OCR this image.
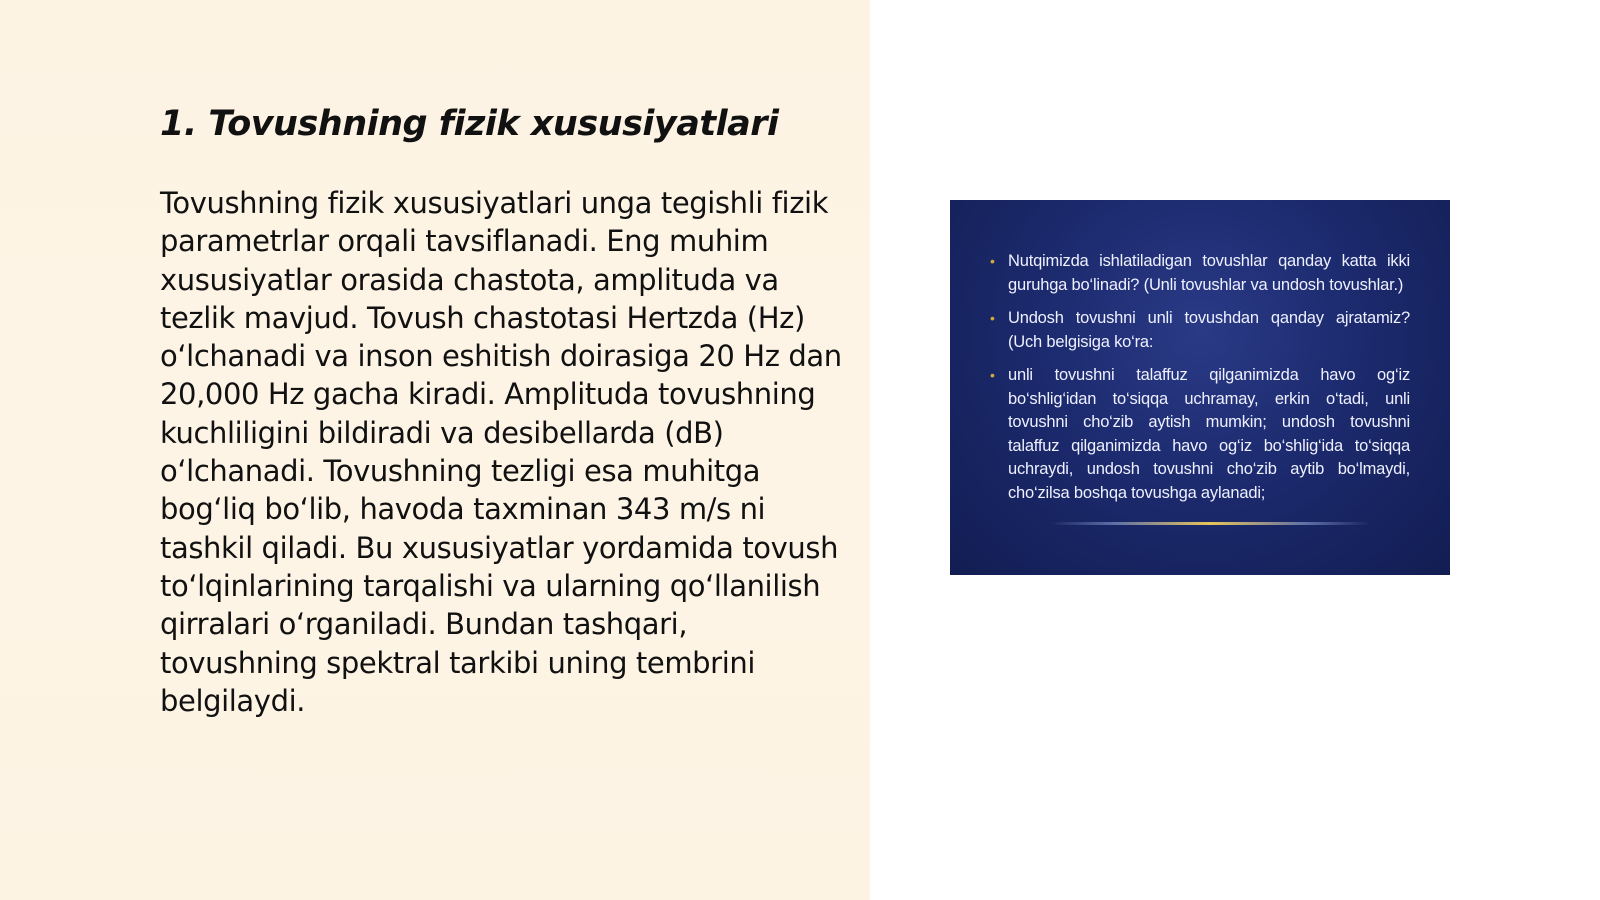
1. Tovushning fizik xususiyatlari

Tovushning fizik xususiyatlari unga tegishli fizik parametrlar orqali tavsiflanadi. Eng muhim xususiyatlar orasida chastota, amplituda va tezlik mavjud. Tovush chastotasi Hertzda (Hz) o‘lchanadi va inson eshitish doirasiga 20 Hz dan 20,000 Hz gacha kiradi. Amplituda tovushning kuchliligini bildiradi va desibellarda (dB) o‘lchanadi. Tovushning tezligi esa muhitga bog‘liq bo‘lib, havoda taxminan 343 m/s ni tashkil qiladi. Bu xususiyatlar yordamida tovush to‘lqinlarining tarqalishi va ularning qo‘llanilish qirralari o‘rganiladi. Bundan tashqari, tovushning spektral tarkibi uning tembrini belgilaydi.

• Nutqimizda ishlatiladigan tovushlar qanday katta ikki guruhga bo‘linadi? (Unli tovushlar va undosh tovushlar.)
• Undosh tovushni unli tovushdan qanday ajratamiz? (Uch belgisiga ko‘ra:
• unli tovushni talaffuz qilganimizda havo og‘iz bo‘shlig‘idan to‘siqqa uchramay, erkin o‘tadi, unli tovushni cho‘zib aytish mumkin; undosh tovushni talaffuz qilganimizda havo og‘iz bo‘shlig‘ida to‘siqqa uchraydi, undosh tovushni cho‘zib aytib bo‘lmaydi, cho‘zilsa boshqa tovushga aylanadi;
